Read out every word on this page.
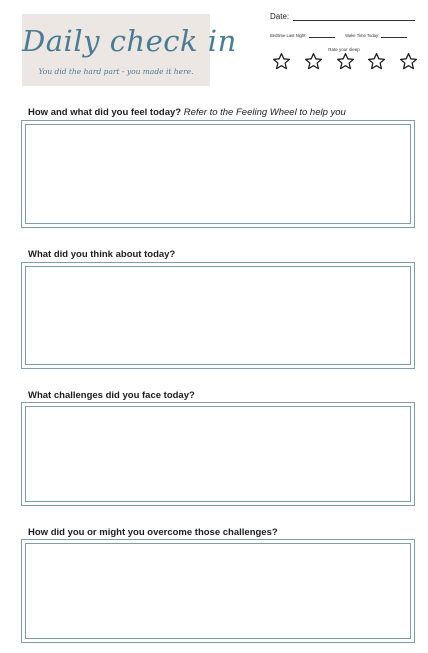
Daily check in
You did the hard part - you made it here.
Date:
Bedtime Last Night:	Wake Time Today:
Rate your sleep
How and what did you feel today? Refer to the Feeling Wheel to help you
What did you think about today?
What challenges did you face today?
How did you or might you overcome those challenges?
